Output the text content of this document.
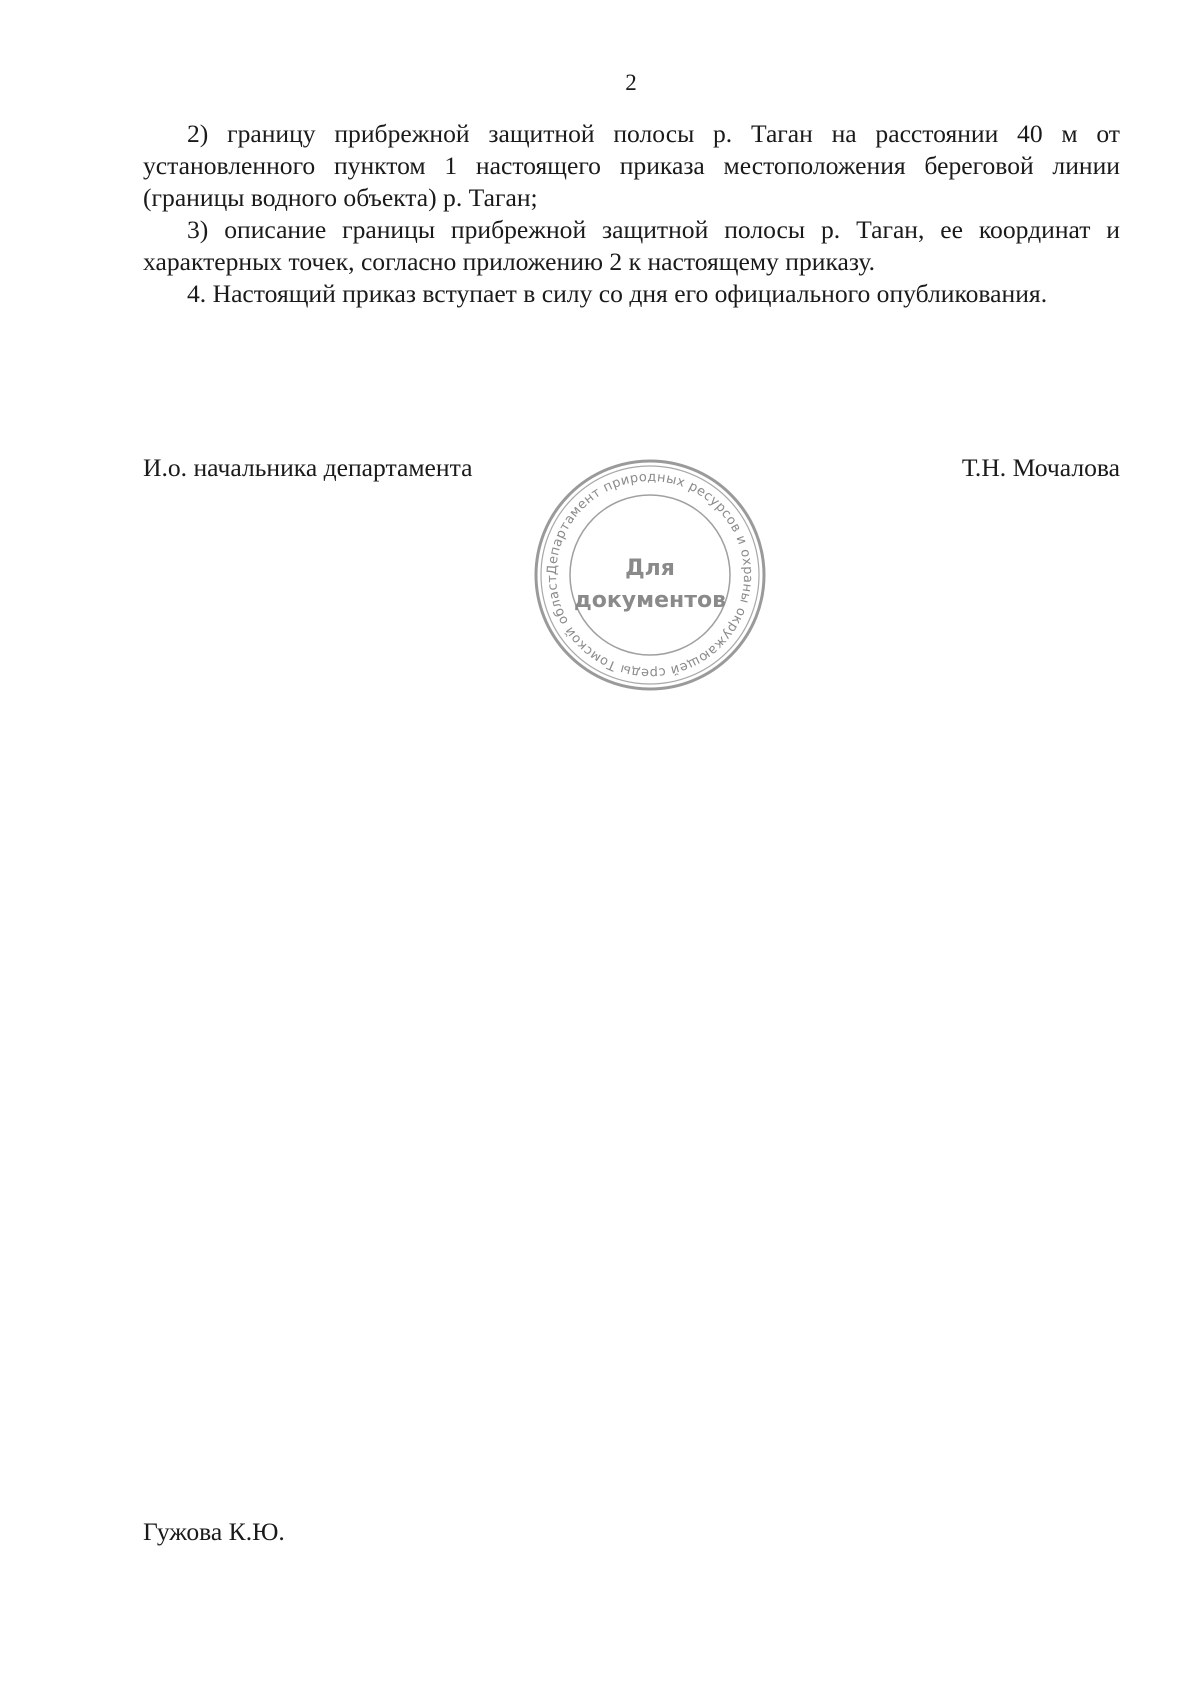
2

2) границу прибрежной защитной полосы р. Таган на расстоянии 40 м от установленного пунктом 1 настоящего приказа местоположения береговой линии (границы водного объекта) р. Таган;

3) описание границы прибрежной защитной полосы р. Таган, ее координат и характерных точек, согласно приложению 2 к настоящему приказу.

4. Настоящий приказ вступает в силу со дня его официального опубликования.

И.о. начальника департамента	Т.Н. Мочалова
Департамент природных ресурсов и охраны окружающей среды Томской област	Для
документов
Гужова К.Ю.
